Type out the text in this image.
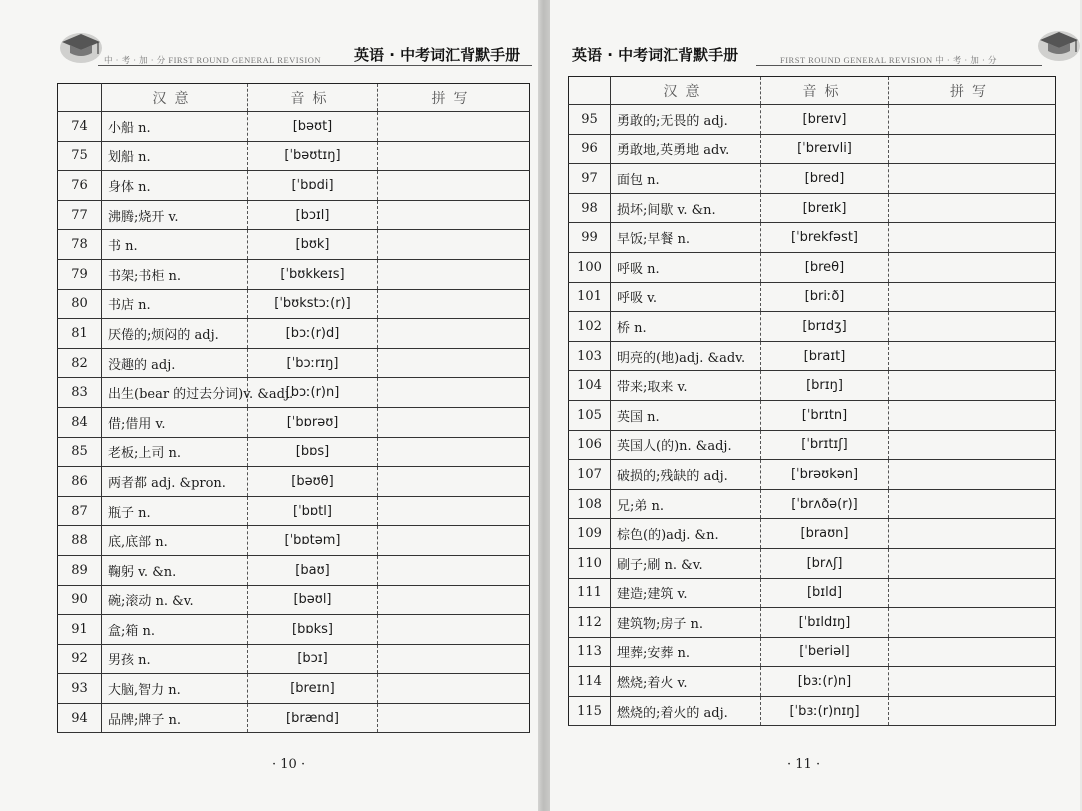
中 · 考 · 加 · 分 FIRST ROUND GENERAL REVISION 英语 · 中考词汇背默手册
	汉意	音标	拼写
74	小船 n.	[bəʊt]	
75	划船 n.	[ˈbəʊtɪŋ]	
76	身体 n.	[ˈbɒdi]	
77	沸腾;烧开 v.	[bɔɪl]	
78	书 n.	[bʊk]	
79	书架;书柜 n.	[ˈbʊkkeɪs]	
80	书店 n.	[ˈbʊkstɔː(r)]	
81	厌倦的;烦闷的 adj.	[bɔː(r)d]	
82	没趣的 adj.	[ˈbɔːrɪŋ]	
83	出生(bear 的过去分词)v. &adj.	[bɔː(r)n]	
84	借;借用 v.	[ˈbɒrəʊ]	
85	老板;上司 n.	[bɒs]	
86	两者都 adj. &pron.	[bəʊθ]	
87	瓶子 n.	[ˈbɒtl]	
88	底,底部 n.	[ˈbɒtəm]	
89	鞠躬 v. &n.	[baʊ]	
90	碗;滚动 n. &v.	[bəʊl]	
91	盒;箱 n.	[bɒks]	
92	男孩 n.	[bɔɪ]	
93	大脑,智力 n.	[breɪn]	
94	品牌;牌子 n.	[brænd]	
· 10 ·
英语 · 中考词汇背默手册	FIRST ROUND GENERAL REVISION 中 · 考 · 加 · 分
	汉意	音标	拼写
95	勇敢的;无畏的 adj.	[breɪv]	
96	勇敢地,英勇地 adv.	[ˈbreɪvli]	
97	面包 n.	[bred]	
98	损坏;间歇 v. &n.	[breɪk]	
99	早饭;早餐 n.	[ˈbrekfəst]	
100	呼吸 n.	[breθ]	
101	呼吸 v.	[briːð]	
102	桥 n.	[brɪdʒ]	
103	明亮的(地)adj. &adv.	[braɪt]	
104	带来;取来 v.	[brɪŋ]	
105	英国 n.	[ˈbrɪtn]	
106	英国人(的)n. &adj.	[ˈbrɪtɪʃ]	
107	破损的;残缺的 adj.	[ˈbrəʊkən]	
108	兄;弟 n.	[ˈbrʌðə(r)]	
109	棕色(的)adj. &n.	[braʊn]	
110	刷子;刷 n. &v.	[brʌʃ]	
111	建造;建筑 v.	[bɪld]	
112	建筑物;房子 n.	[ˈbɪldɪŋ]	
113	埋葬;安葬 n.	[ˈberiəl]	
114	燃烧;着火 v.	[bɜː(r)n]	
115	燃烧的;着火的 adj.	[ˈbɜː(r)nɪŋ]	
· 11 ·
